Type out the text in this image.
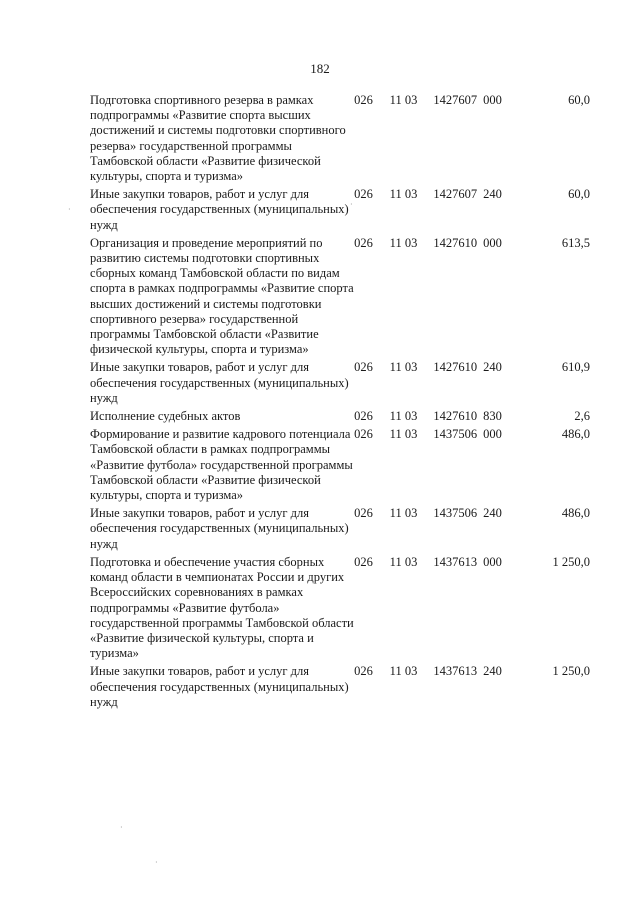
182
Подготовка спортивного резерва в рамках подпрограммы «Развитие спорта высших достижений и системы подготовки спортивного резерва» государственной программы Тамбовской области «Развитие физической культуры, спорта и туризма»	026	11 03	1427607	000	60,0
Иные закупки товаров, работ и услуг для обеспечения государственных (муниципальных) нужд	026	11 03	1427607	240	60,0
Организация и проведение мероприятий по развитию системы подготовки спортивных сборных команд Тамбовской области по видам спорта в рамках подпрограммы «Развитие спорта высших достижений и системы подготовки спортивного резерва» государственной программы Тамбовской области «Развитие физической культуры, спорта и туризма»	026	11 03	1427610	000	613,5
Иные закупки товаров, работ и услуг для обеспечения государственных (муниципальных) нужд	026	11 03	1427610	240	610,9
Исполнение судебных актов	026	11 03	1427610	830	2,6
Формирование и развитие кадрового потенциала Тамбовской области в рамках подпрограммы «Развитие футбола» государственной программы Тамбовской области «Развитие физической культуры, спорта и туризма»	026	11 03	1437506	000	486,0
Иные закупки товаров, работ и услуг для обеспечения государственных (муниципальных) нужд	026	11 03	1437506	240	486,0
Подготовка и обеспечение участия сборных команд области в чемпионатах России и других Всероссийских соревнованиях в рамках подпрограммы «Развитие футбола» государственной программы Тамбовской области «Развитие физической культуры, спорта и туризма»	026	11 03	1437613	000	1 250,0
Иные закупки товаров, работ и услуг для обеспечения государственных (муниципальных) нужд	026	11 03	1437613	240	1 250,0
·
·
·
·
